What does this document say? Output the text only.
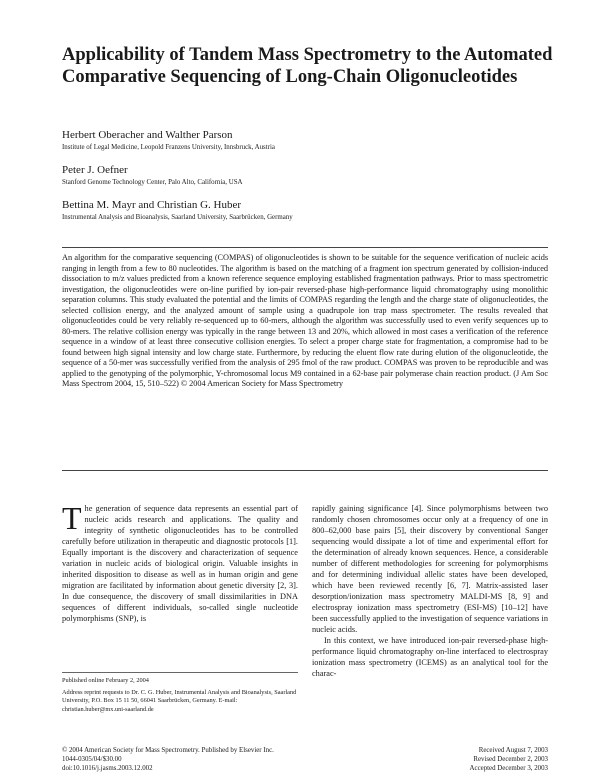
Applicability of Tandem Mass Spectrometry to the Automated Comparative Sequencing of Long-Chain Oligonucleotides

Herbert Oberacher and Walther Parson

Institute of Legal Medicine, Leopold Franzens University, Innsbruck, Austria

Peter J. Oefner

Stanford Genome Technology Center, Palo Alto, California, USA

Bettina M. Mayr and Christian G. Huber

Instrumental Analysis and Bioanalysis, Saarland University, Saarbrücken, Germany

An algorithm for the comparative sequencing (COMPAS) of oligonucleotides is shown to be suitable for the sequence verification of nucleic acids ranging in length from a few to 80 nucleotides. The algorithm is based on the matching of a fragment ion spectrum generated by collision-induced dissociation to m/z values predicted from a known reference sequence employing established fragmentation pathways. Prior to mass spectrometric investigation, the oligonucleotides were on-line purified by ion-pair reversed-phase high-performance liquid chromatography using monolithic separation columns. This study evaluated the potential and the limits of COMPAS regarding the length and the charge state of oligonucleotides, the selected collision energy, and the analyzed amount of sample using a quadrupole ion trap mass spectrometer. The results revealed that oligonucleotides could be very reliably re-sequenced up to 60-mers, although the algorithm was successfully used to even verify sequences up to 80-mers. The relative collision energy was typically in the range between 13 and 20%, which allowed in most cases a verification of the reference sequence in a window of at least three consecutive collision energies. To select a proper charge state for fragmentation, a compromise had to be found between high signal intensity and low charge state. Furthermore, by reducing the eluent flow rate during elution of the oligonucleotide, the sequence of a 50-mer was successfully verified from the analysis of 295 fmol of the raw product. COMPAS was proven to be reproducible and was applied to the genotyping of the polymorphic, Y-chromosomal locus M9 contained in a 62-base pair polymerase chain reaction product. (J Am Soc Mass Spectrom 2004, 15, 510–522) © 2004 American Society for Mass Spectrometry

The generation of sequence data represents an essential part of nucleic acids research and applications. The quality and integrity of synthetic oligonucleotides has to be controlled carefully before utilization in therapeutic and diagnostic protocols [1]. Equally important is the discovery and characterization of sequence variation in nucleic acids of biological origin. Valuable insights in inherited disposition to disease as well as in human origin and gene migration are facilitated by information about genetic diversity [2, 3]. In due consequence, the discovery of small dissimilarities in DNA sequences of different individuals, so-called single nucleotide polymorphisms (SNP), is

rapidly gaining significance [4]. Since polymorphisms between two randomly chosen chromosomes occur only at a frequency of one in 800–62,000 base pairs [5], their discovery by conventional Sanger sequencing would dissipate a lot of time and experimental effort for the determination of already known sequences. Hence, a considerable number of different methodologies for screening for polymorphisms and for determining individual allelic states have been developed, which have been reviewed recently [6, 7]. Matrix-assisted laser desorption/ionization mass spectrometry MALDI-MS [8, 9] and electrospray ionization mass spectrometry (ESI-MS) [10–12] have been successfully applied to the investigation of sequence variations in nucleic acids.

In this context, we have introduced ion-pair reversed-phase high-performance liquid chromatography on-line interfaced to electrospray ionization mass spectrometry (ICEMS) as an analytical tool for the charac-

Published online February 2, 2004

Address reprint requests to Dr. C. G. Huber, Instrumental Analysis and Bioanalysis, Saarland University, P.O. Box 15 11 50, 66041 Saarbrücken, Germany. E-mail: christian.huber@mx.uni-saarland.de

© 2004 American Society for Mass Spectrometry. Published by Elsevier Inc.

1044-0305/04/$30.00

doi:10.1016/j.jasms.2003.12.002

Received August 7, 2003

Revised December 2, 2003

Accepted December 3, 2003
